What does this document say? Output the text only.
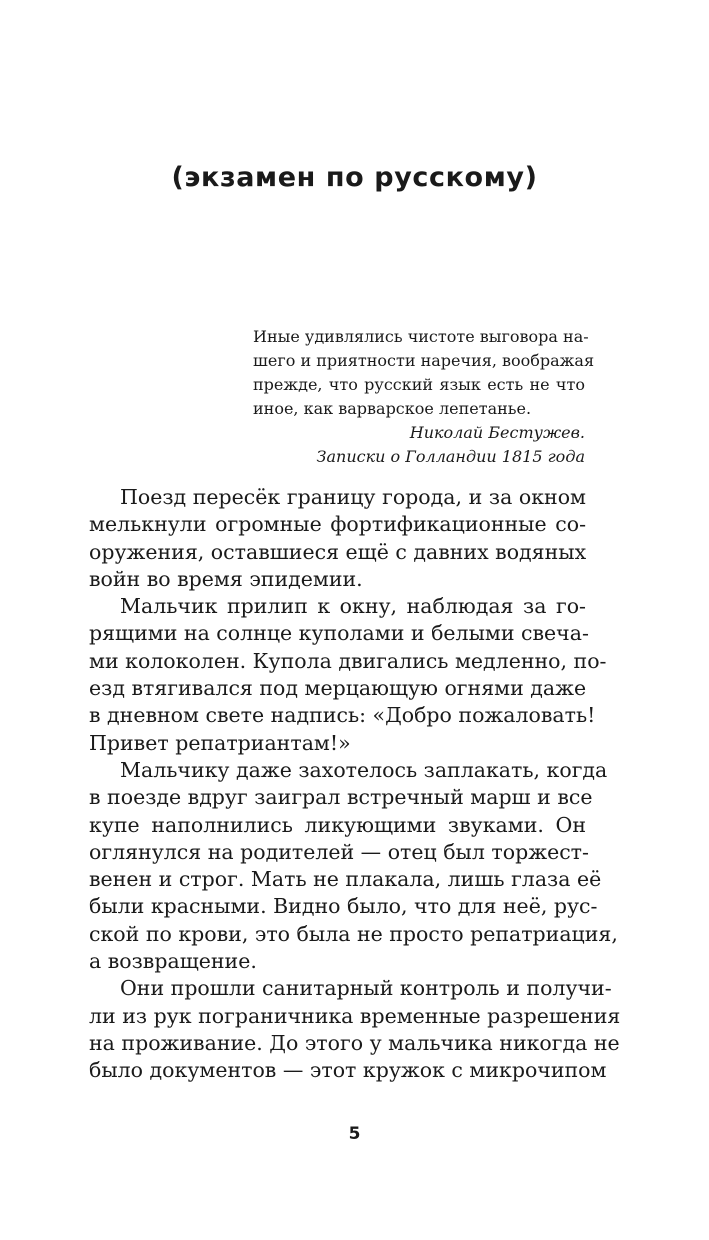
(экзамен по русскому)
Иные удивлялись чистоте выговора на-
шего и приятности наречия, воображая
прежде, что русский язык есть не что
иное, как варварское лепетанье.
Николай Бестужев.
Записки о Голландии 1815 года
Поезд пересёк границу города, и за окном
мелькнули огромные фортификационные со-
оружения, оставшиеся ещё с давних водяных
войн во время эпидемии.
Мальчик прилип к окну, наблюдая за го-
рящими на солнце куполами и белыми свеча-
ми колоколен. Купола двигались медленно, по-
езд втягивался под мерцающую огнями даже
в дневном свете надпись: «Добро пожаловать!
Привет репатриантам!»
Мальчику даже захотелось заплакать, когда
в поезде вдруг заиграл встречный марш и все
купе наполнились ликующими звуками. Он
оглянулся на родителей — отец был торжест-
венен и строг. Мать не плакала, лишь глаза её
были красными. Видно было, что для неё, рус-
ской по крови, это была не просто репатриация,
а возвращение.
Они прошли санитарный контроль и получи-
ли из рук пограничника временные разрешения
на проживание. До этого у мальчика никогда не
было документов — этот кружок с микрочипом
5
